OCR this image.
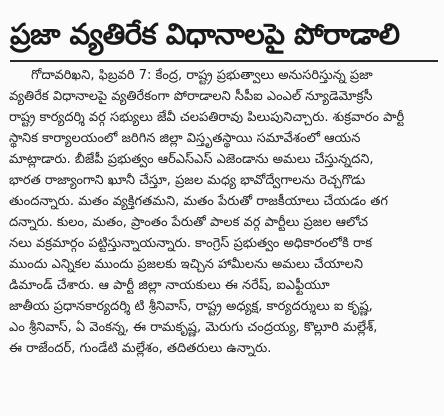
ప్రజా వ్యతిరేక విధానాలపై పోరాడాలి
గోదావరిఖని, ఫిబ్రవరి 7: కేంద్ర, రాష్ట్ర ప్రభుత్వాలు అనుసరిస్తున్న ప్రజా
వ్యతిరేక విధానాలపై వ్యతిరేకంగా పోరాడాలని సీపీఐ ఎంఎల్ న్యూడెమోక్రసీ
రాష్ట్ర కార్యదర్శి వర్గ సభ్యులు జేవీ చలపతిరావు పిలుపునిచ్చారు. శుక్రవారం పార్టీ
స్థానిక కార్యాలయంలో జరిగిన జిల్లా విస్తృతస్థాయి సమావేశంలో ఆయన
మాట్లాడారు. బీజేపీ ప్రభుత్వం ఆర్ఎస్ఎస్ ఎజెండాను అమలు చేస్తున్నదని,
భారత రాజ్యాంగాని ఖూనీ చేస్తూ, ప్రజల మధ్య భావోద్వేగాలను రెచ్చగొడు
తుందన్నారు. మతం వ్యక్తిగతమని, మతం పేరుతో రాజకీయాలు చేయడం తగ
దన్నారు. కులం, మతం, ప్రాంతం పేరుతో పాలక వర్గ పార్టీలు ప్రజల ఆలోచ
నలు వక్రమార్గం పట్టిస్తున్నాయన్నారు. కాంగ్రెస్ ప్రభుత్వం అధికారంలోకి రాక
ముందు ఎన్నికల ముందు ప్రజలకు ఇచ్చిన హామీలను అమలు చేయాలని
డిమాండ్ చేశారు. ఆ పార్టీ జిల్లా నాయకులు ఈ నరేష్, ఐఎఫ్టీయూ
జాతీయ ప్రధానకార్యదర్శి టి శ్రీనివాస్, రాష్ట్ర అధ్యక్ష, కార్యదర్శులు ఐ కృష్ణ,
ఎం శ్రీనివాస్, ఏ వెంకన్న, ఈ రామకృష్ణ, మెరుగు చంద్రయ్య, కొల్లూరి మల్లేశ్,
ఈ రాజేందర్, గుండేటి మల్లేశం, తదితరులు ఉన్నారు.
